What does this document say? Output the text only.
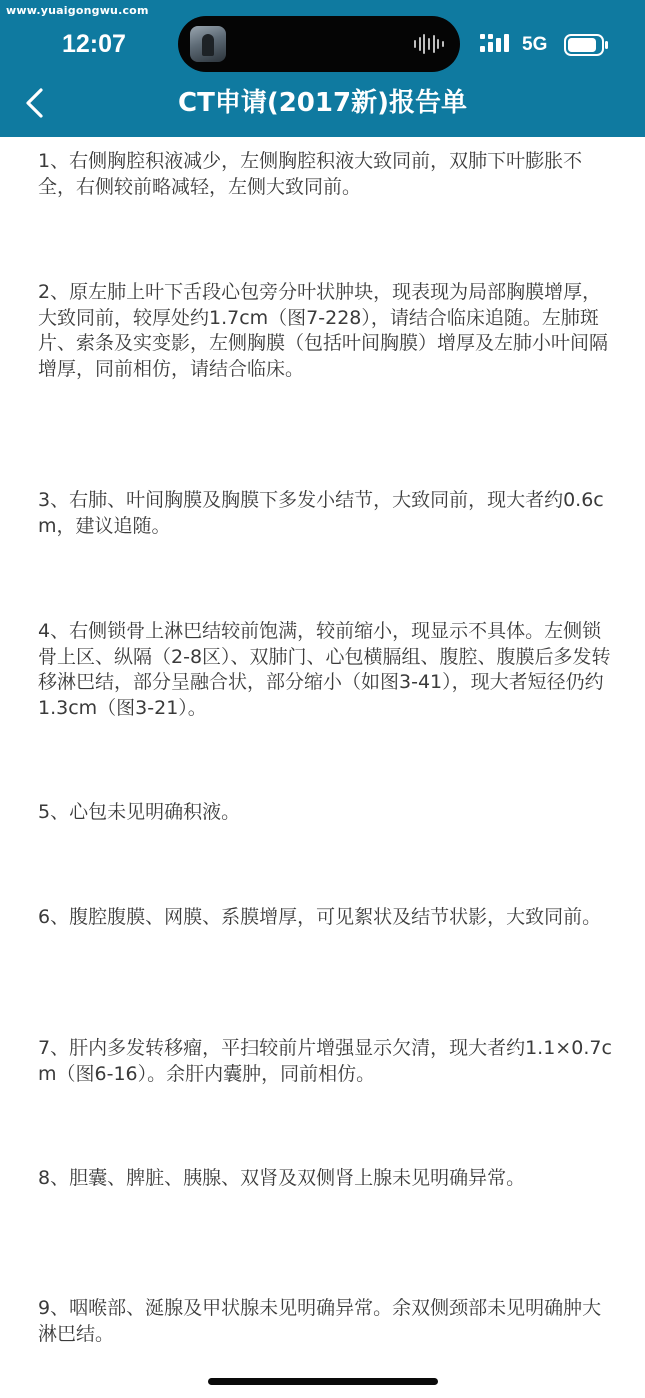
www.yuaigongwu.com
12:07	5G
CT申请(2017新)报告单

1、右侧胸腔积液减少，左侧胸腔积液大致同前，双肺下叶膨胀不全，右侧较前略减轻，左侧大致同前。

2、原左肺上叶下舌段心包旁分叶状肿块，现表现为局部胸膜增厚，大致同前，较厚处约1.7cm（图7-228），请结合临床追随。左肺斑片、索条及实变影，左侧胸膜（包括叶间胸膜）增厚及左肺小叶间隔增厚，同前相仿，请结合临床。

3、右肺、叶间胸膜及胸膜下多发小结节，大致同前，现大者约0.6cm，建议追随。

4、右侧锁骨上淋巴结较前饱满，较前缩小，现显示不具体。左侧锁骨上区、纵隔（2-8区）、双肺门、心包横膈组、腹腔、腹膜后多发转移淋巴结，部分呈融合状，部分缩小（如图3-41），现大者短径仍约1.3cm（图3-21）。

5、心包未见明确积液。

6、腹腔腹膜、网膜、系膜增厚，可见絮状及结节状影，大致同前。

7、肝内多发转移瘤，平扫较前片增强显示欠清，现大者约1.1×0.7cm（图6-16）。余肝内囊肿，同前相仿。

8、胆囊、脾脏、胰腺、双肾及双侧肾上腺未见明确异常。

9、咽喉部、涎腺及甲状腺未见明确异常。余双侧颈部未见明确肿大淋巴结。
